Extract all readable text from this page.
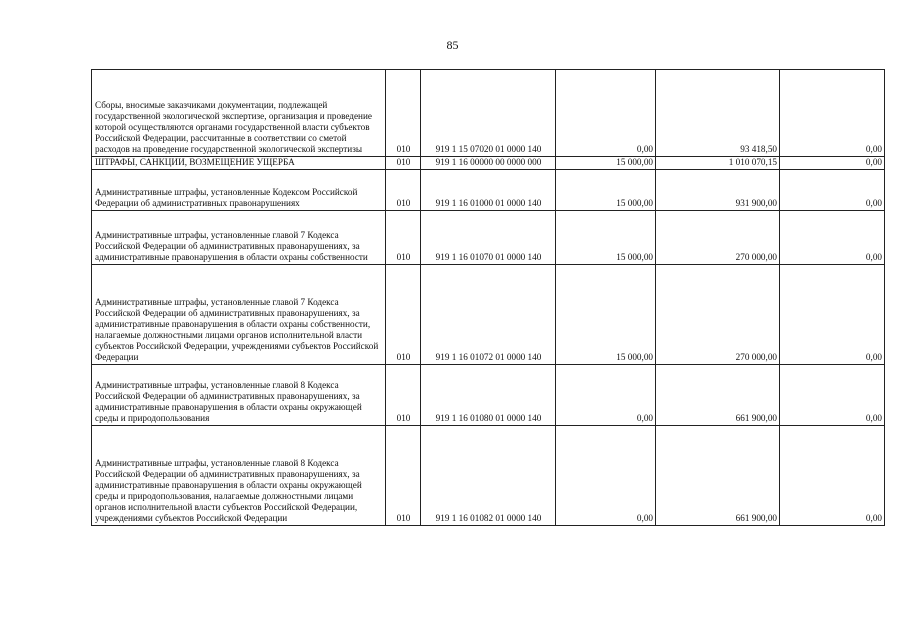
85
Сборы, вносимые заказчиками документации, подлежащей государственной экологической экспертизе, организация и проведение которой осуществляются органами государственной власти субъектов Российской Федерации, рассчитанные в соответствии со сметой расходов на проведение государственной экологической экспертизы	010	919 1 15 07020 01 0000 140	0,00	93 418,50	0,00

ШТРАФЫ, САНКЦИИ, ВОЗМЕЩЕНИЕ УЩЕРБА	010	919 1 16 00000 00 0000 000	15 000,00	1 010 070,15	0,00

Административные штрафы, установленные Кодексом Российской Федерации об административных правонарушениях	010	919 1 16 01000 01 0000 140	15 000,00	931 900,00	0,00

Административные штрафы, установленные главой 7 Кодекса Российской Федерации об административных правонарушениях, за административные правонарушения в области охраны собственности	010	919 1 16 01070 01 0000 140	15 000,00	270 000,00	0,00

Административные штрафы, установленные главой 7 Кодекса Российской Федерации об административных правонарушениях, за административные правонарушения в области охраны собственности, налагаемые должностными лицами органов исполнительной власти субъектов Российской Федерации, учреждениями субъектов Российской Федерации	010	919 1 16 01072 01 0000 140	15 000,00	270 000,00	0,00

Административные штрафы, установленные главой 8 Кодекса Российской Федерации об административных правонарушениях, за административные правонарушения в области охраны окружающей среды и природопользования	010	919 1 16 01080 01 0000 140	0,00	661 900,00	0,00

Административные штрафы, установленные главой 8 Кодекса Российской Федерации об административных правонарушениях, за административные правонарушения в области охраны окружающей среды и природопользования, налагаемые должностными лицами органов исполнительной власти субъектов Российской Федерации, учреждениями субъектов Российской Федерации	010	919 1 16 01082 01 0000 140	0,00	661 900,00	0,00
